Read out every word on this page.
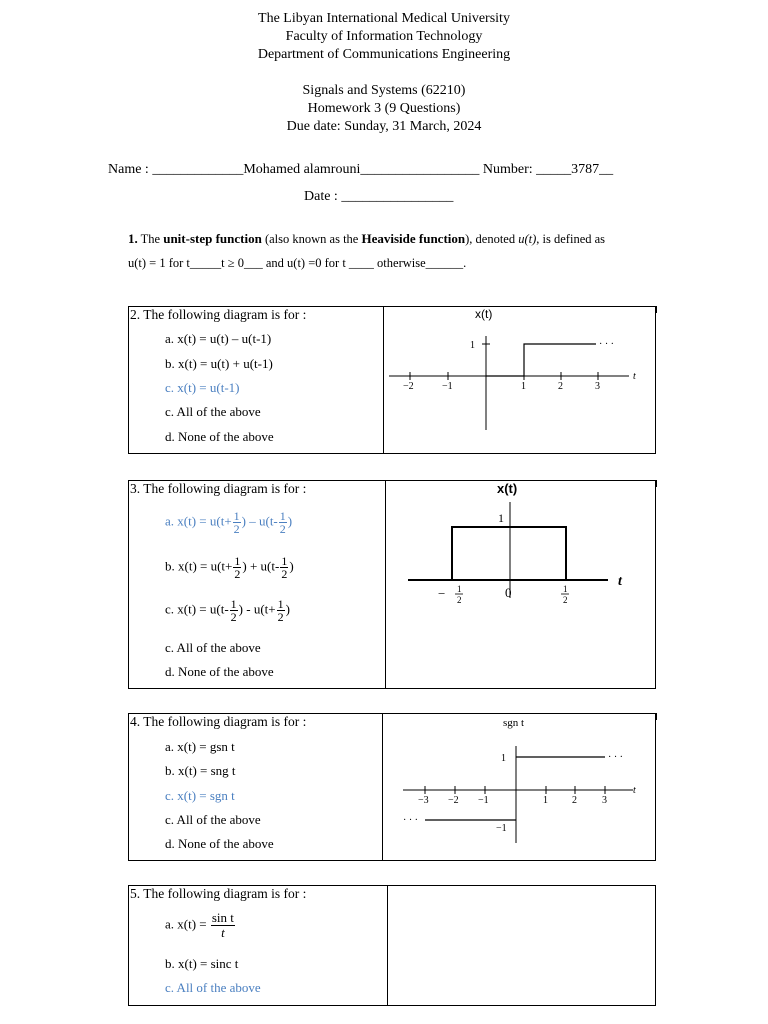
The Libyan International Medical University
Faculty of Information Technology
Department of Communications Engineering
Signals and Systems (62210)
Homework 3 (9 Questions)
Due date: Sunday, 31 March, 2024
Name : _____________Mohamed alamrouni_________________ Number: _____3787__
Date : ________________
1. The unit-step function (also known as the Heaviside function), denoted u(t), is defined as
u(t) = 1 for t_____t ≥ 0___ and u(t) =0 for t ____ otherwise______.
2. The following diagram is for :
a. x(t) = u(t) – u(t-1)
b. x(t) = u(t) + u(t-1)
c. x(t) = u(t-1)
c. All of the above
d. None of the above
1
x(t)
−2	−1	1	2	3
t
· · ·
3. The following diagram is for :
a. $x(t) = u(t+ \frac{1}{2}$ ) – $u(t- \frac{1}{2}$ )
b. $x(t) = u(t+ \frac{1}{2}$ ) + $u(t- \frac{1}{2}$ )
c. $x(t) = u(t- \frac{1}{2}$ ) - $u(t+ \frac{1}{2}$ )
c. All of the above
d. None of the above
x(t)
1
t
0
− 1
2
1
2
4. The following diagram is for :
a. x(t) = gsn t
b. x(t) = sng t
c. x(t) = sgn t
c. All of the above
d. None of the above
sgn t
1
−1
−3 −2 −1	1 2	3
t
· · ·
· · ·
5. The following diagram is for :
a. $x(t) = \frac{\text{sin t}}{t}$
b. x(t) = sinc t
c. All of the above
